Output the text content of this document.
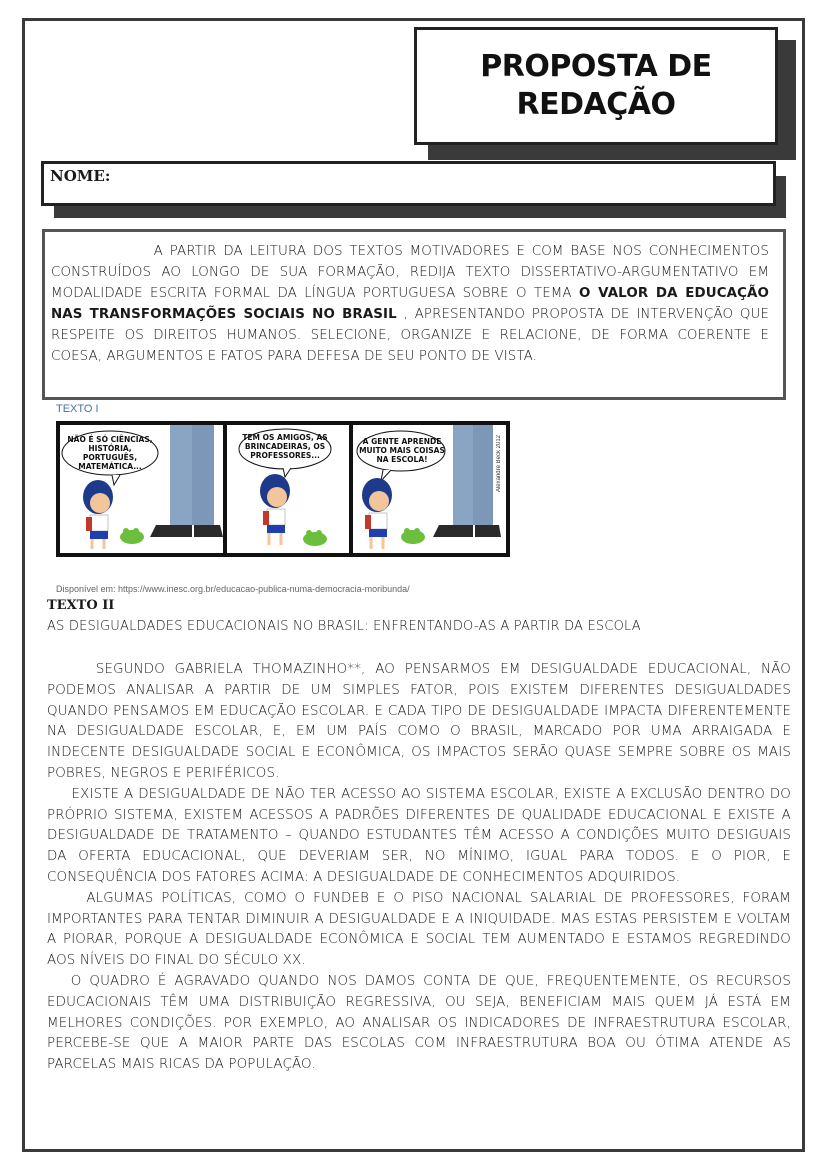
PROPOSTA DE
REDAÇÃO
NOME:

A PARTIR DA LEITURA DOS TEXTOS MOTIVADORES E COM BASE NOS CONHECIMENTOS CONSTRUÍDOS AO LONGO DE SUA FORMAÇÃO, REDIJA TEXTO DISSERTATIVO-ARGUMENTATIVO EM MODALIDADE ESCRITA FORMAL DA LÍNGUA PORTUGUESA SOBRE O TEMA O VALOR DA EDUCAÇÃO NAS TRANSFORMAÇÕES SOCIAIS NO BRASIL , APRESENTANDO PROPOSTA DE INTERVENÇÃO QUE RESPEITE OS DIREITOS HUMANOS. SELECIONE, ORGANIZE E RELACIONE, DE FORMA COERENTE E COESA, ARGUMENTOS E FATOS PARA DEFESA DE SEU PONTO DE VISTA.

TEXTO I
NÃO É SÓ CIÊNCIAS, HISTÓRIA, PORTUGUÊS, MATEMÁTICA...
TEM OS AMIGOS, AS BRINCADEIRAS, OS PROFESSORES...
A GENTE APRENDE MUITO MAIS COISAS NA ESCOLA!	Alexandre Beck 2012
Disponível em: https://www.inesc.org.br/educacao-publica-numa-democracia-moribunda/
TEXTO II
AS DESIGUALDADES EDUCACIONAIS NO BRASIL: ENFRENTANDO-AS A PARTIR DA ESCOLA

SEGUNDO GABRIELA THOMAZINHO**, AO PENSARMOS EM DESIGUALDADE EDUCACIONAL, NÃO PODEMOS ANALISAR A PARTIR DE UM SIMPLES FATOR, POIS EXISTEM DIFERENTES DESIGUALDADES QUANDO PENSAMOS EM EDUCAÇÃO ESCOLAR. E CADA TIPO DE DESIGUALDADE IMPACTA DIFERENTEMENTE NA DESIGUALDADE ESCOLAR, E, EM UM PAÍS COMO O BRASIL, MARCADO POR UMA ARRAIGADA E INDECENTE DESIGUALDADE SOCIAL E ECONÔMICA, OS IMPACTOS SERÃO QUASE SEMPRE SOBRE OS MAIS POBRES, NEGROS E PERIFÉRICOS.

EXISTE A DESIGUALDADE DE NÃO TER ACESSO AO SISTEMA ESCOLAR, EXISTE A EXCLUSÃO DENTRO DO PRÓPRIO SISTEMA, EXISTEM ACESSOS A PADRÕES DIFERENTES DE QUALIDADE EDUCACIONAL E EXISTE A DESIGUALDADE DE TRATAMENTO – QUANDO ESTUDANTES TÊM ACESSO A CONDIÇÕES MUITO DESIGUAIS DA OFERTA EDUCACIONAL, QUE DEVERIAM SER, NO MÍNIMO, IGUAL PARA TODOS. E O PIOR, E CONSEQUÊNCIA DOS FATORES ACIMA: A DESIGUALDADE DE CONHECIMENTOS ADQUIRIDOS.

ALGUMAS POLÍTICAS, COMO O FUNDEB E O PISO NACIONAL SALARIAL DE PROFESSORES, FORAM IMPORTANTES PARA TENTAR DIMINUIR A DESIGUALDADE E A INIQUIDADE. MAS ESTAS PERSISTEM E VOLTAM A PIORAR, PORQUE A DESIGUALDADE ECONÔMICA E SOCIAL TEM AUMENTADO E ESTAMOS REGREDINDO AOS NÍVEIS DO FINAL DO SÉCULO XX.

O QUADRO É AGRAVADO QUANDO NOS DAMOS CONTA DE QUE, FREQUENTEMENTE, OS RECURSOS EDUCACIONAIS TÊM UMA DISTRIBUIÇÃO REGRESSIVA, OU SEJA, BENEFICIAM MAIS QUEM JÁ ESTÁ EM MELHORES CONDIÇÕES. POR EXEMPLO, AO ANALISAR OS INDICADORES DE INFRAESTRUTURA ESCOLAR, PERCEBE-SE QUE A MAIOR PARTE DAS ESCOLAS COM INFRAESTRUTURA BOA OU ÓTIMA ATENDE AS PARCELAS MAIS RICAS DA POPULAÇÃO.
